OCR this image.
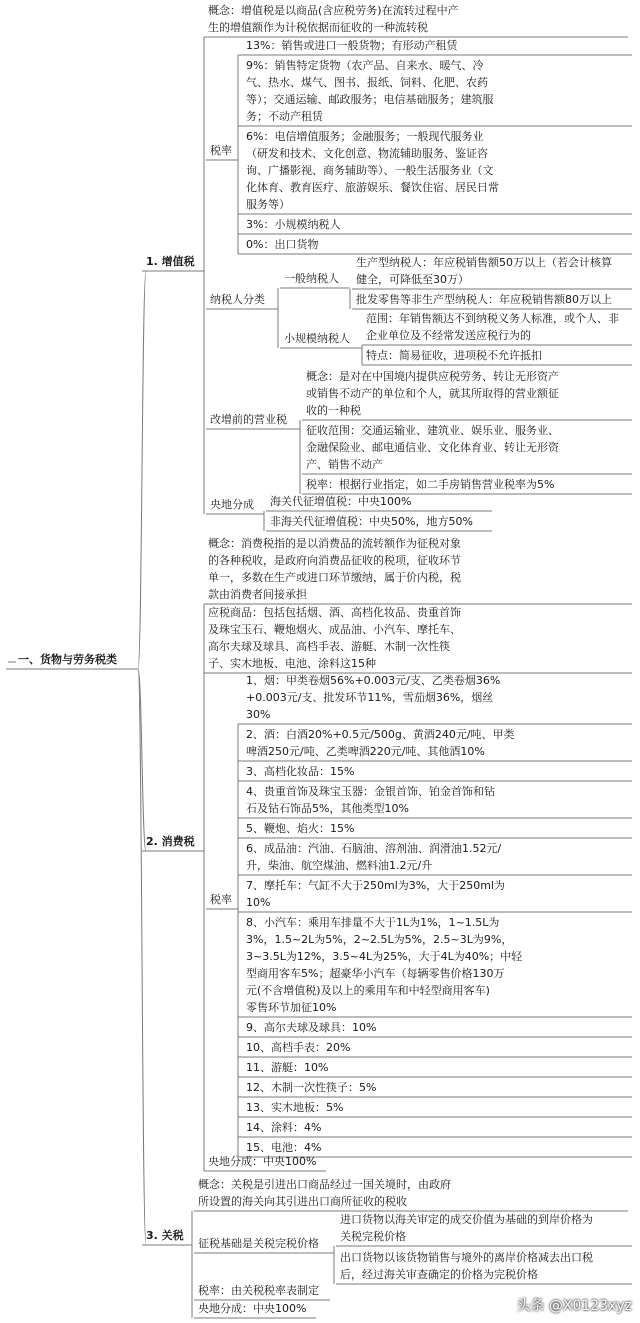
概念：增值税是以商品(含应税劳务)在流转过程中产
生的增值额作为计税依据而征收的一种流转税
13%：销售或进口一般货物；有形动产租赁
9%：销售特定货物（农产品、自来水、暖气、冷
气、热水、煤气、图书、报纸、饲料、化肥、农药
等）；交通运输、邮政服务；电信基础服务；建筑服
务；不动产租赁
6%：电信增值服务；金融服务；一般现代服务业
（研发和技术、文化创意、物流辅助服务、鉴证咨
询、广播影视、商务辅助等）、一般生活服务业（文
化体育、教育医疗、旅游娱乐、餐饮住宿、居民日常
服务等）
3%：小规模纳税人
0%：出口货物
税率
纳税人分类
一般纳税人
生产型纳税人：年应税销售额50万以上（若会计核算
健全，可降低至30万）
批发零售等非生产型纳税人：年应税销售额80万以上
小规模纳税人
范围：年销售额达不到纳税义务人标准，或个人、非
企业单位及不经常发送应税行为的
特点：简易征收，进项税不允许抵扣
改增前的营业税
概念：是对在中国境内提供应税劳务、转让无形资产
或销售不动产的单位和个人，就其所取得的营业额征
收的一种税
征收范围：交通运输业、建筑业、娱乐业、服务业、
金融保险业、邮电通信业、文化体育业、转让无形资
产、销售不动产
税率：根据行业指定，如二手房销售营业税率为5%
央地分成 海关代征增值税：中央100%
非海关代征增值税：中央50%，地方50%
1. 增值税
概念：消费税指的是以消费品的流转额作为征税对象
的各种税收，是政府向消费品征收的税项，征收环节
单一，多数在生产或进口环节缴纳，属于价内税，税
款由消费者间接承担
应税商品：包括包括烟、酒、高档化妆品、贵重首饰
及珠宝玉石、鞭炮烟火、成品油、小汽车、摩托车、
高尔夫球及球具、高档手表、游艇、木制一次性筷
子、实木地板、电池、涂料这15种
1、烟：甲类卷烟56%+0.003元/支、乙类卷烟36%
+0.003元/支、批发环节11%，雪茄烟36%，烟丝
30%
2、酒：白酒20%+0.5元/500g、黄酒240元/吨、甲类
啤酒250元/吨、乙类啤酒220元/吨、其他酒10%
3、高档化妆品：15%
4、贵重首饰及珠宝玉器：金银首饰、铂金首饰和钻
石及钻石饰品5%，其他类型10%
5、鞭炮、焰火：15%
6、成品油：汽油、石脑油、溶剂油、润滑油1.52元/
升，柴油、航空煤油、燃料油1.2元/升
7、摩托车：气缸不大于250ml为3%，大于250ml为
10%
8、小汽车：乘用车排量不大于1L为1%，1~1.5L为
3%，1.5~2L为5%，2~2.5L为5%，2.5~3L为9%，
3~3.5L为12%，3.5~4L为25%，大于4L为40%；中轻
型商用客车5%；超豪华小汽车（每辆零售价格130万
元(不含增值税)及以上的乘用车和中轻型商用客车)
零售环节加征10%
9、高尔夫球及球具：10%
10、高档手表：20%
11、游艇：10%
12、木制一次性筷子：5%
13、实木地板：5%
14、涂料：4%
15、电池：4%
税率
央地分成：中央100%
2. 消费税
概念：关税是引进出口商品经过一国关境时，由政府
所设置的海关向其引进出口商所征收的税收
征税基础是关税完税价格
进口货物以海关审定的成交价值为基础的到岸价格为
关税完税价格
出口货物以该货物销售与境外的离岸价格减去出口税
后，经过海关审查确定的价格为完税价格
税率：由关税税率表制定
央地分成：中央100%
3. 关税
一、货物与劳务税类
头条 @X0123xyz
